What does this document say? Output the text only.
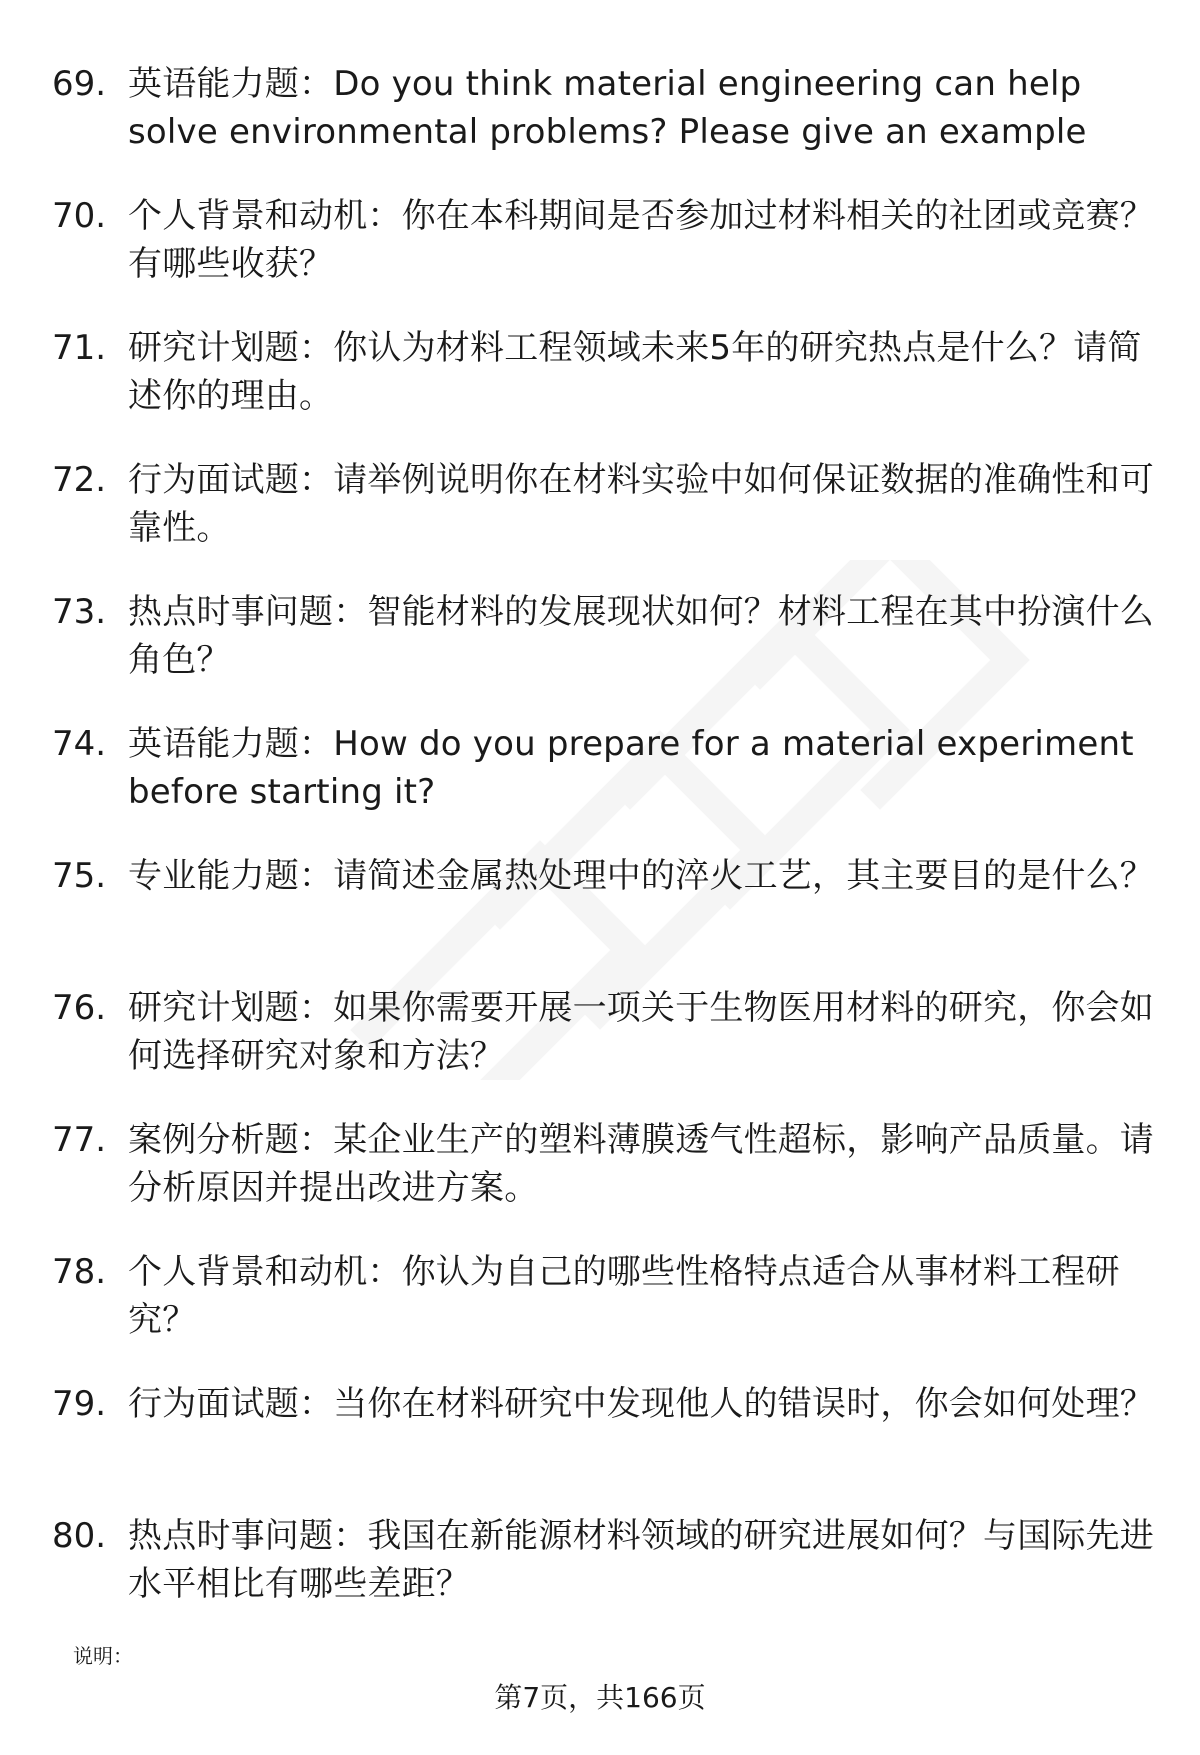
69. 英语能力题：Do you think material engineering can help solve environmental problems? Please give an example
70. 个人背景和动机：你在本科期间是否参加过材料相关的社团或竞赛？有哪些收获？
71. 研究计划题：你认为材料工程领域未来5年的研究热点是什么？请简述你的理由。
72. 行为面试题：请举例说明你在材料实验中如何保证数据的准确性和可靠性。
73. 热点时事问题：智能材料的发展现状如何？材料工程在其中扮演什么角色？
74. 英语能力题：How do you prepare for a material experiment before starting it?
75. 专业能力题：请简述金属热处理中的淬火工艺，其主要目的是什么？
76. 研究计划题：如果你需要开展一项关于生物医用材料的研究，你会如何选择研究对象和方法？
77. 案例分析题：某企业生产的塑料薄膜透气性超标，影响产品质量。请分析原因并提出改进方案。
78. 个人背景和动机：你认为自己的哪些性格特点适合从事材料工程研究？
79. 行为面试题：当你在材料研究中发现他人的错误时，你会如何处理？
80. 热点时事问题：我国在新能源材料领域的研究进展如何？与国际先进水平相比有哪些差距？
说明：
第7页，共166页
